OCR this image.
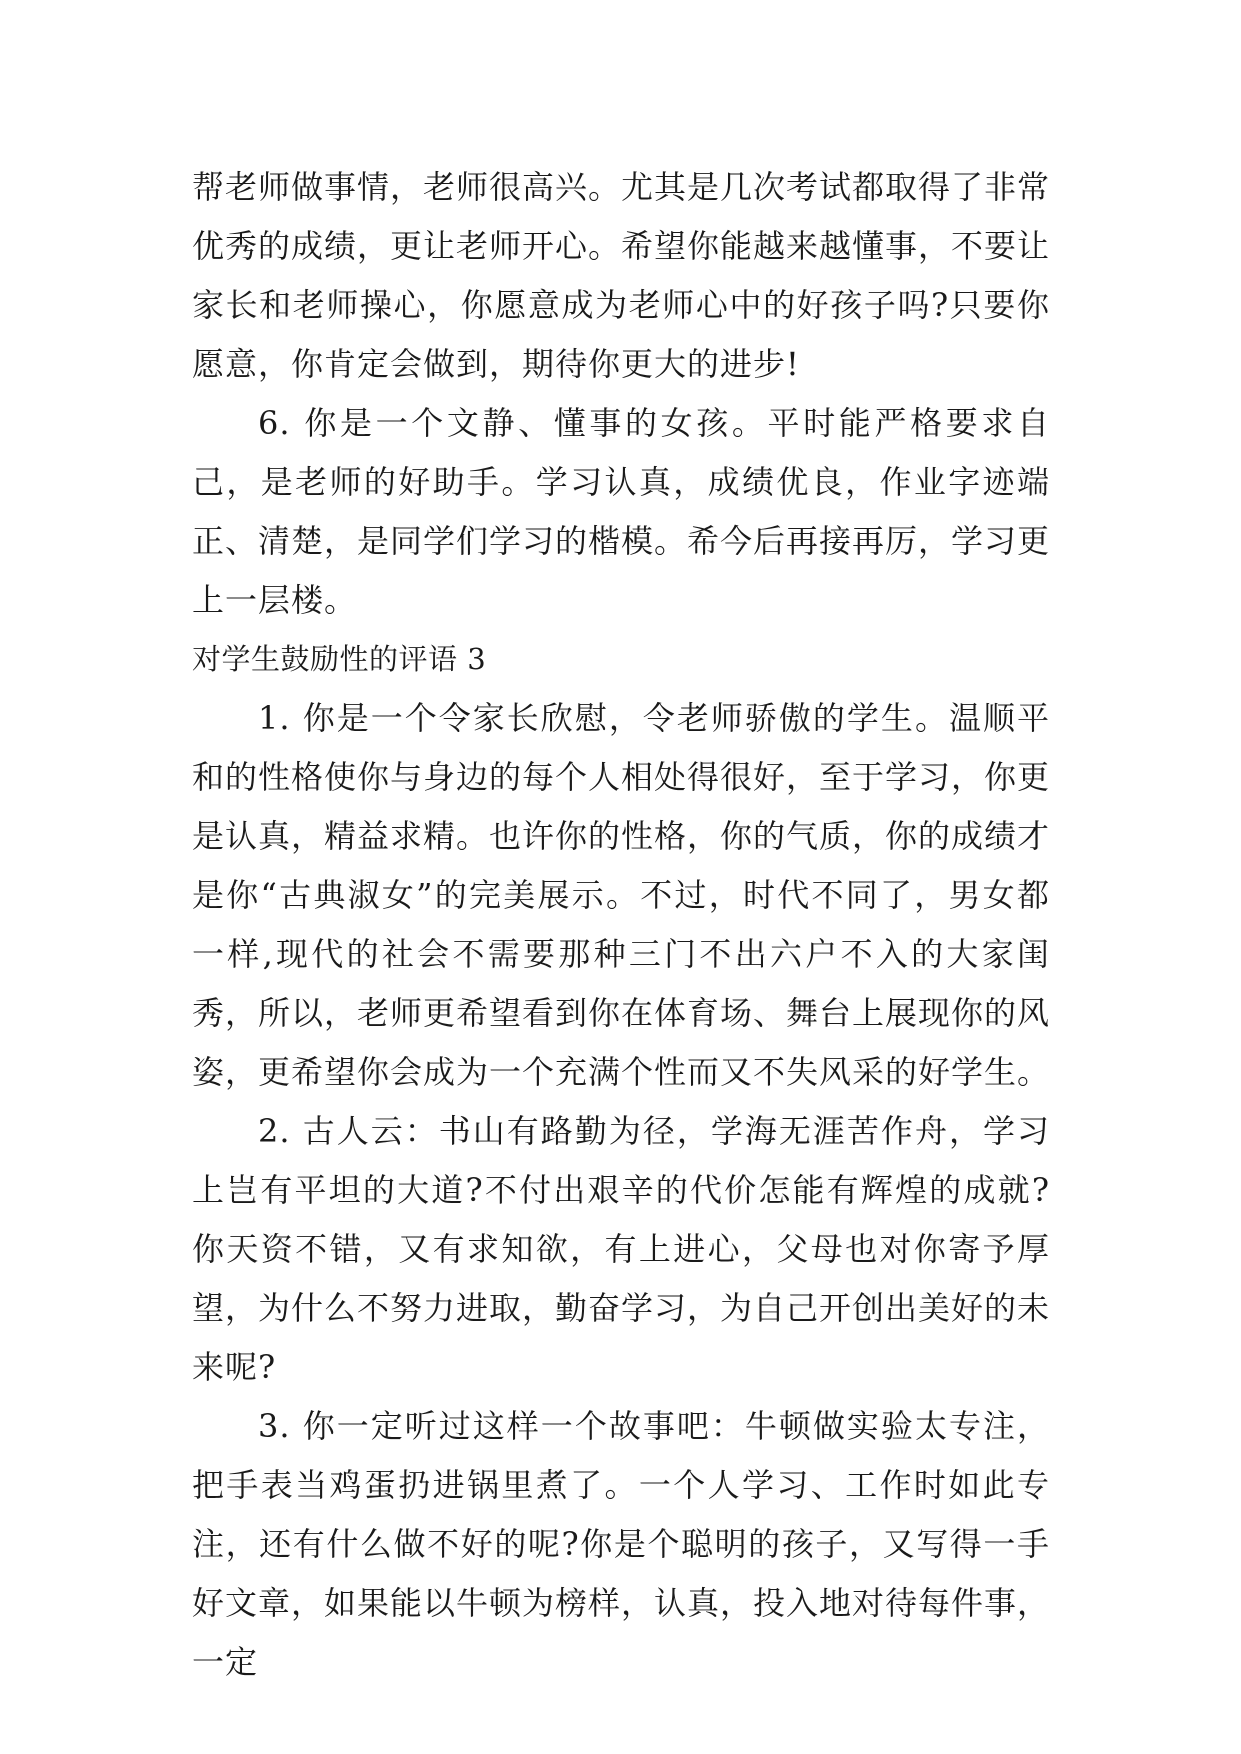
帮老师做事情，老师很高兴。尤其是几次考试都取得了非常优秀的成绩，更让老师开心。希望你能越来越懂事，不要让家长和老师操心，你愿意成为老师心中的好孩子吗?只要你愿意，你肯定会做到，期待你更大的进步!

6. 你是一个文静、懂事的女孩。平时能严格要求自己，是老师的好助手。学习认真，成绩优良，作业字迹端正、清楚，是同学们学习的楷模。希今后再接再厉，学习更上一层楼。

对学生鼓励性的评语 3

1. 你是一个令家长欣慰，令老师骄傲的学生。温顺平和的性格使你与身边的每个人相处得很好，至于学习，你更是认真，精益求精。也许你的性格，你的气质，你的成绩才是你“古典淑女”的完美展示。不过，时代不同了，男女都一样,现代的社会不需要那种三门不出六户不入的大家闺秀，所以，老师更希望看到你在体育场、舞台上展现你的风姿，更希望你会成为一个充满个性而又不失风采的好学生。

2. 古人云：书山有路勤为径，学海无涯苦作舟，学习上岂有平坦的大道?不付出艰辛的代价怎能有辉煌的成就?你天资不错，又有求知欲，有上进心，父母也对你寄予厚望，为什么不努力进取，勤奋学习，为自己开创出美好的未来呢?

3. 你一定听过这样一个故事吧：牛顿做实验太专注，把手表当鸡蛋扔进锅里煮了。一个人学习、工作时如此专注，还有什么做不好的呢?你是个聪明的孩子，又写得一手好文章，如果能以牛顿为榜样，认真，投入地对待每件事，一定
